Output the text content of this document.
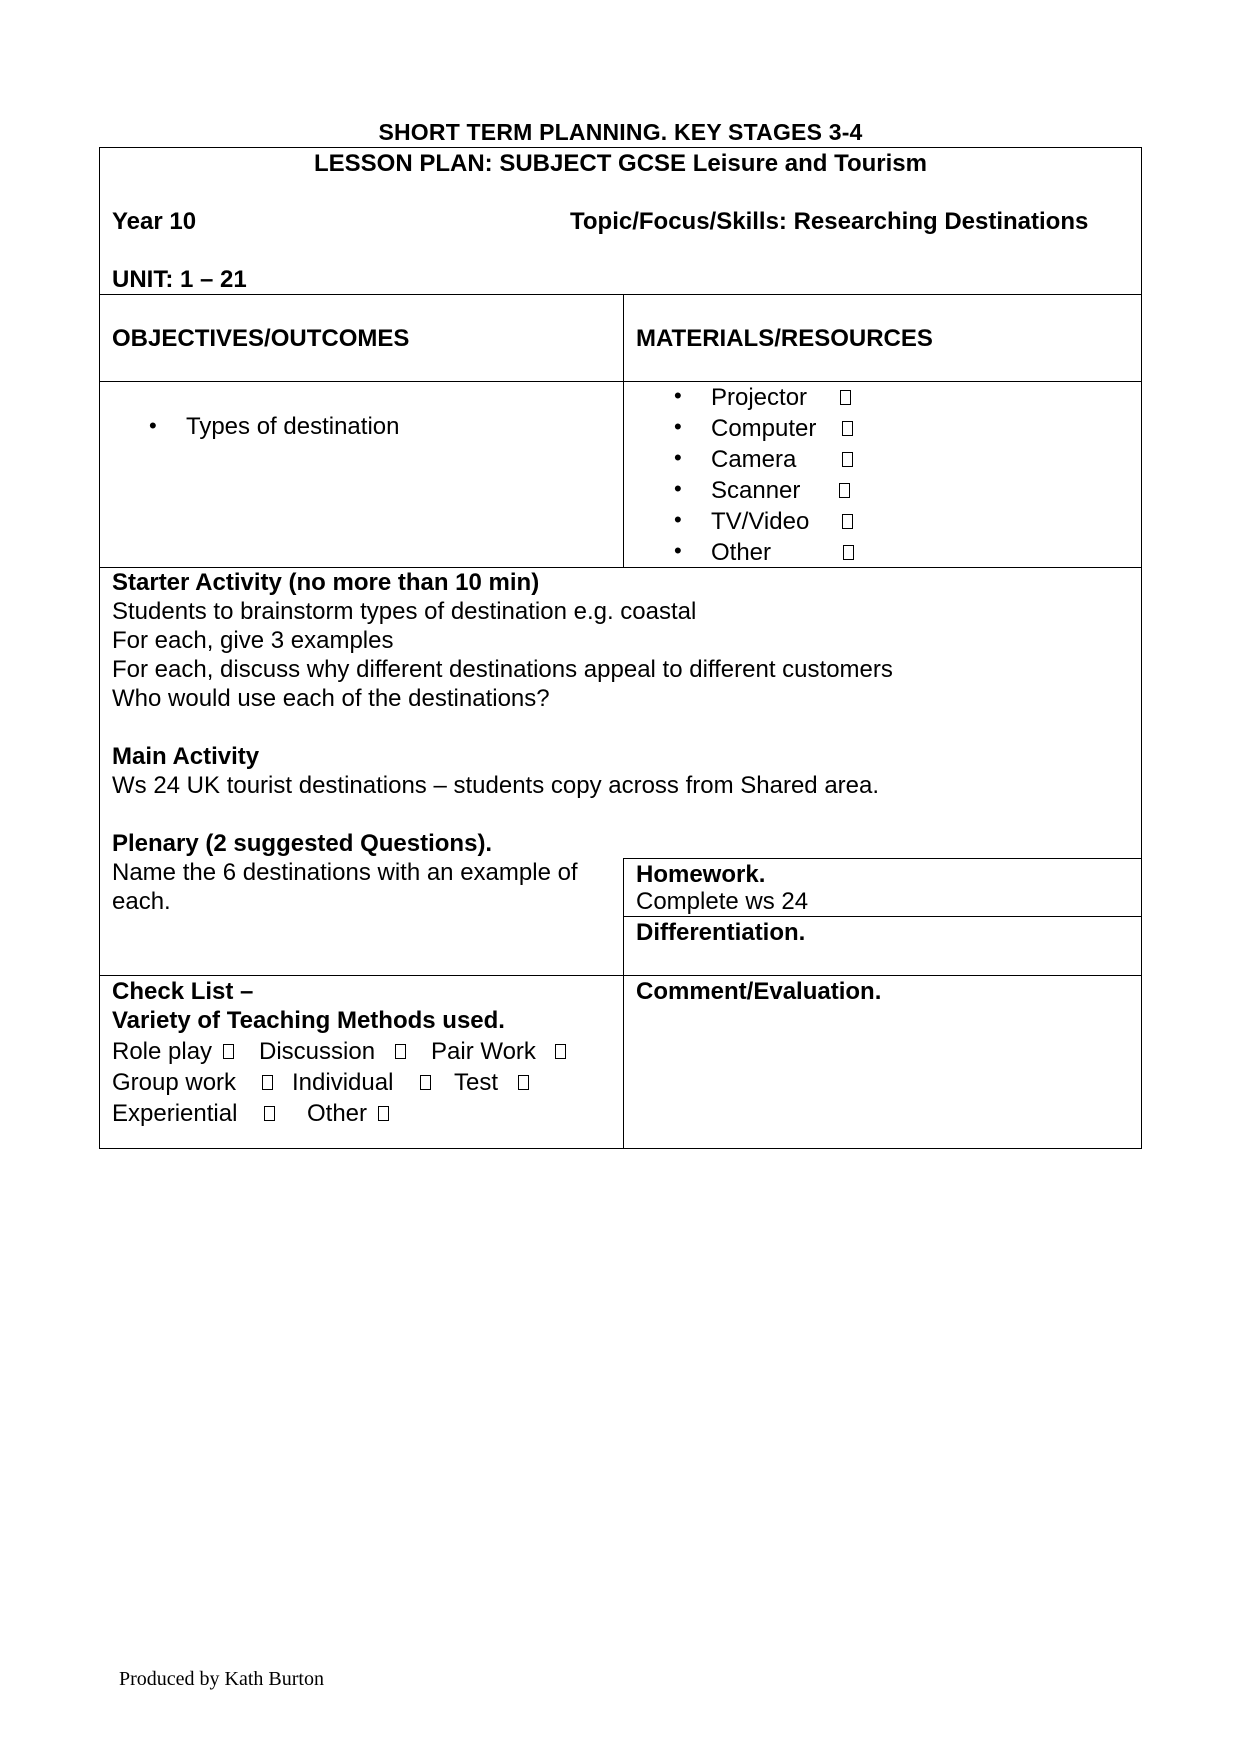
SHORT TERM PLANNING. KEY STAGES 3-4
LESSON PLAN: SUBJECT GCSE Leisure and Tourism
Year 10	Topic/Focus/Skills: Researching Destinations
UNIT: 1 – 21
OBJECTIVES/OUTCOMES	MATERIALS/RESOURCES
• Types of destination
• Projector
• Computer
• Camera
• Scanner
• TV/Video
• Other
Starter Activity (no more than 10 min)
Students to brainstorm types of destination e.g. coastal
For each, give 3 examples
For each, discuss why different destinations appeal to different customers
Who would use each of the destinations?
Main Activity
Ws 24 UK tourist destinations – students copy across from Shared area.
Plenary (2 suggested Questions).
Name the 6 destinations with an example of
each.
Homework.
Complete ws 24
Differentiation.
Check List –
Variety of Teaching Methods used.
Role play Discussion Pair Work
Group work Individual	Test
Experiential	Other
Comment/Evaluation.
Produced by Kath Burton
